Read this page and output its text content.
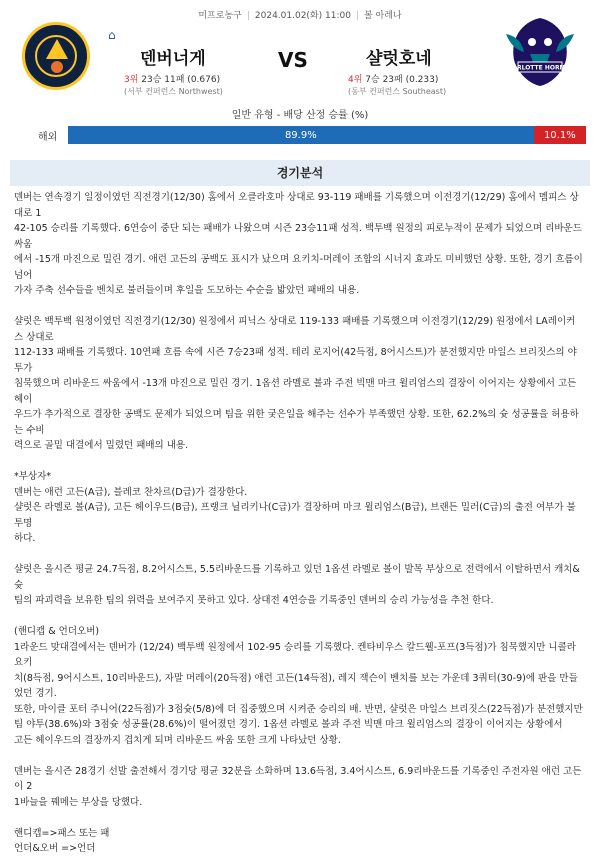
미프로농구 | 2024.01.02(화) 11:00 | 볼 아레나
⌂
덴버너게	VS	샬럿호네
3위 23승 11패 (0.676)
(서부 컨퍼런스 Northwest)
4위 7승 23패 (0.233)
(동부 컨퍼런스 Southeast)
CHARLOTTE HORNETS
일반 유형 - 배당 산정 승률 (%)
해외	89.9%	10.1%
경기분석

덴버는 연속경기 일정이였던 직전경기(12/30) 홈에서 오클라호마 상대로 93-119 패배를 기록했으며 이전경기(12/29) 홈에서 멤피스 상대로 1

42-105 승리를 기록했다. 6연승이 중단 되는 패배가 나왔으며 시즌 23승11패 성적. 백투백 원정의 피로누적이 문제가 되었으며 리바운드 싸움

에서 -15개 마진으로 밀린 경기. 애런 고든의 공백도 표시가 났으며 요키치-머레이 조합의 시너지 효과도 미비했던 상황. 또한, 경기 흐름이 넘어

가자 주축 선수들을 벤치로 불러들이며 후일을 도모하는 수순을 밟았던 패배의 내용.

샬럿은 백투백 원정이였던 직전경기(12/30) 원정에서 피닉스 상대로 119-133 패배를 기록했으며 이전경기(12/29) 원정에서 LA레이커스 상대로

112-133 패배를 기록했다. 10연패 흐름 속에 시즌 7승23패 성적. 테리 로지어(42득점, 8어시스트)가 분전했지만 마일스 브리짓스의 야투가

침묵했으며 리바운드 싸움에서 -13개 마진으로 밀린 경기. 1옵션 라멜로 볼과 주전 빅맨 마크 윌리엄스의 결장이 이어지는 상황에서 고든 헤이

우드가 추가적으로 결장한 공백도 문제가 되었으며 팀을 위한 궂은일을 해주는 선수가 부족했던 상황. 또한, 62.2%의 슛 성공률을 허용하는 수비

력으로 골밑 대결에서 밀렸던 패배의 내용.

*부상자*

덴버는 애런 고든(A급), 블레코 찬차르(D급)가 결장한다.

샬럿은 라멜로 볼(A급), 고든 헤이우드(B급), 프랭크 닐리키나(C급)가 결장하며 마크 윌리엄스(B급), 브랜든 밀러(C급)의 출전 여부가 불투명

하다.

샬럿은 올시즌 평균 24.7득점, 8.2어시스트, 5.5리바운드를 기록하고 있던 1옵션 라멜로 볼이 발목 부상으로 전력에서 이탈하면서 캐치&슛

팀의 파괴력을 보유한 팀의 위력을 보여주지 못하고 있다. 상대전 4연승을 기록중인 덴버의 승리 가능성을 추천 한다.

(핸디캡 & 언더오버)

1라운드 맞대결에서는 덴버가 (12/24) 백투백 원정에서 102-95 승리를 기록했다. 켄타비우스 칼드웰-포프(3득점)가 침묵했지만 니콜라 요키

치(8득점, 9어시스트, 10리바운드), 자말 머레이(20득점) 애런 고든(14득점), 레지 잭슨이 벤치를 보는 가운데 3쿼터(30-9)에 판을 만들었던 경기.

또한, 마이클 포터 주니어(22득점)가 3점슛(5/8)에 더 집중했으며 시켜준 승리의 배. 반면, 샬럿은 마일스 브리짓스(22득점)가 분전했지만

팀 야투(38.6%)와 3점슛 성공률(28.6%)이 떨어졌던 경기. 1옵션 라멜로 볼과 주전 빅맨 마크 윌리엄스의 결장이 이어지는 상황에서

고든 헤이우드의 결장까지 겹치게 되며 리바운드 싸움 또한 크게 나타났던 상황.

덴버는 올시즌 28경기 선발 출전해서 경기당 평균 32분을 소화하며 13.6득점, 3.4어시스트, 6.9리바운드를 기록중인 주전자원 애런 고든이 2

1바늘을 꿰메는 부상을 당했다.

핸디캡=>패스 또는 패

언더&오버 =>언더
